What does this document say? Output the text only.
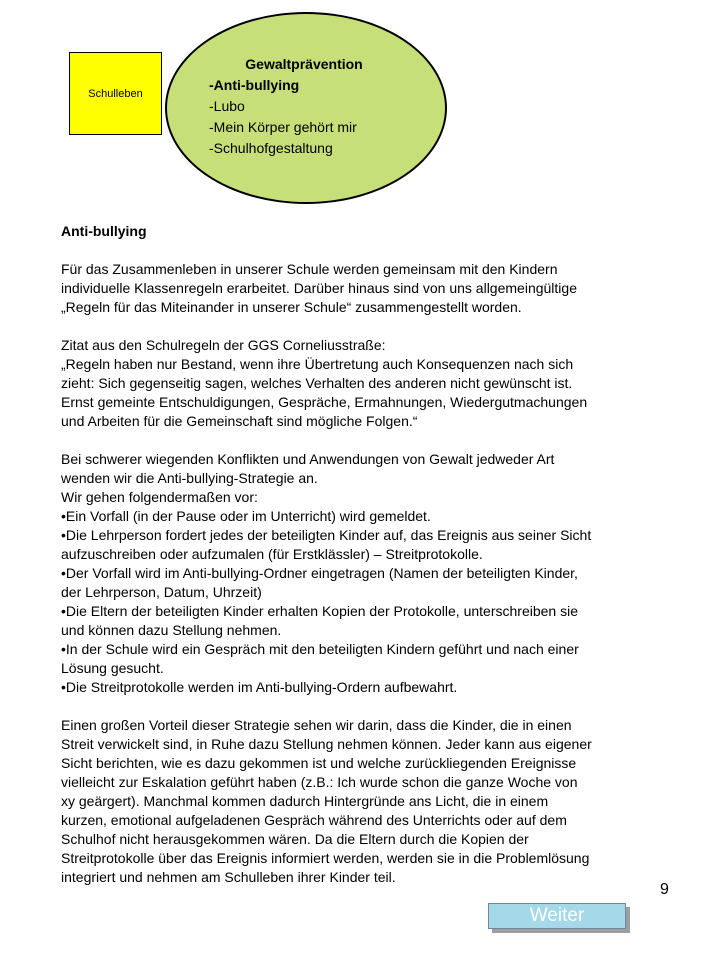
Schulleben
Gewaltprävention
-Anti-bullying
-Lubo
-Mein Körper gehört mir
-Schulhofgestaltung

Anti-bullying

Für das Zusammenleben in unserer Schule werden gemeinsam mit den Kindern
individuelle Klassenregeln erarbeitet. Darüber hinaus sind von uns allgemeingültige
„Regeln für das Miteinander in unserer Schule“ zusammengestellt worden.

Zitat aus den Schulregeln der GGS Corneliusstraße:
„Regeln haben nur Bestand, wenn ihre Übertretung auch Konsequenzen nach sich
zieht: Sich gegenseitig sagen, welches Verhalten des anderen nicht gewünscht ist.
Ernst gemeinte Entschuldigungen, Gespräche, Ermahnungen, Wiedergutmachungen
und Arbeiten für die Gemeinschaft sind mögliche Folgen.“

Bei schwerer wiegenden Konflikten und Anwendungen von Gewalt jedweder Art
wenden wir die Anti-bullying-Strategie an.
Wir gehen folgendermaßen vor:
•Ein Vorfall (in der Pause oder im Unterricht) wird gemeldet.
•Die Lehrperson fordert jedes der beteiligten Kinder auf, das Ereignis aus seiner Sicht
aufzuschreiben oder aufzumalen (für Erstklässler) – Streitprotokolle.
•Der Vorfall wird im Anti-bullying-Ordner eingetragen (Namen der beteiligten Kinder,
der Lehrperson, Datum, Uhrzeit)
•Die Eltern der beteiligten Kinder erhalten Kopien der Protokolle, unterschreiben sie
und können dazu Stellung nehmen.
•In der Schule wird ein Gespräch mit den beteiligten Kindern geführt und nach einer
Lösung gesucht.
•Die Streitprotokolle werden im Anti-bullying-Ordern aufbewahrt.

Einen großen Vorteil dieser Strategie sehen wir darin, dass die Kinder, die in einen
Streit verwickelt sind, in Ruhe dazu Stellung nehmen können. Jeder kann aus eigener
Sicht berichten, wie es dazu gekommen ist und welche zurückliegenden Ereignisse
vielleicht zur Eskalation geführt haben (z.B.: Ich wurde schon die ganze Woche von
xy geärgert). Manchmal kommen dadurch Hintergründe ans Licht, die in einem
kurzen, emotional aufgeladenen Gespräch während des Unterrichts oder auf dem
Schulhof nicht herausgekommen wären. Da die Eltern durch die Kopien der
Streitprotokolle über das Ereignis informiert werden, werden sie in die Problemlösung
integriert und nehmen am Schulleben ihrer Kinder teil.

9
Weiter
